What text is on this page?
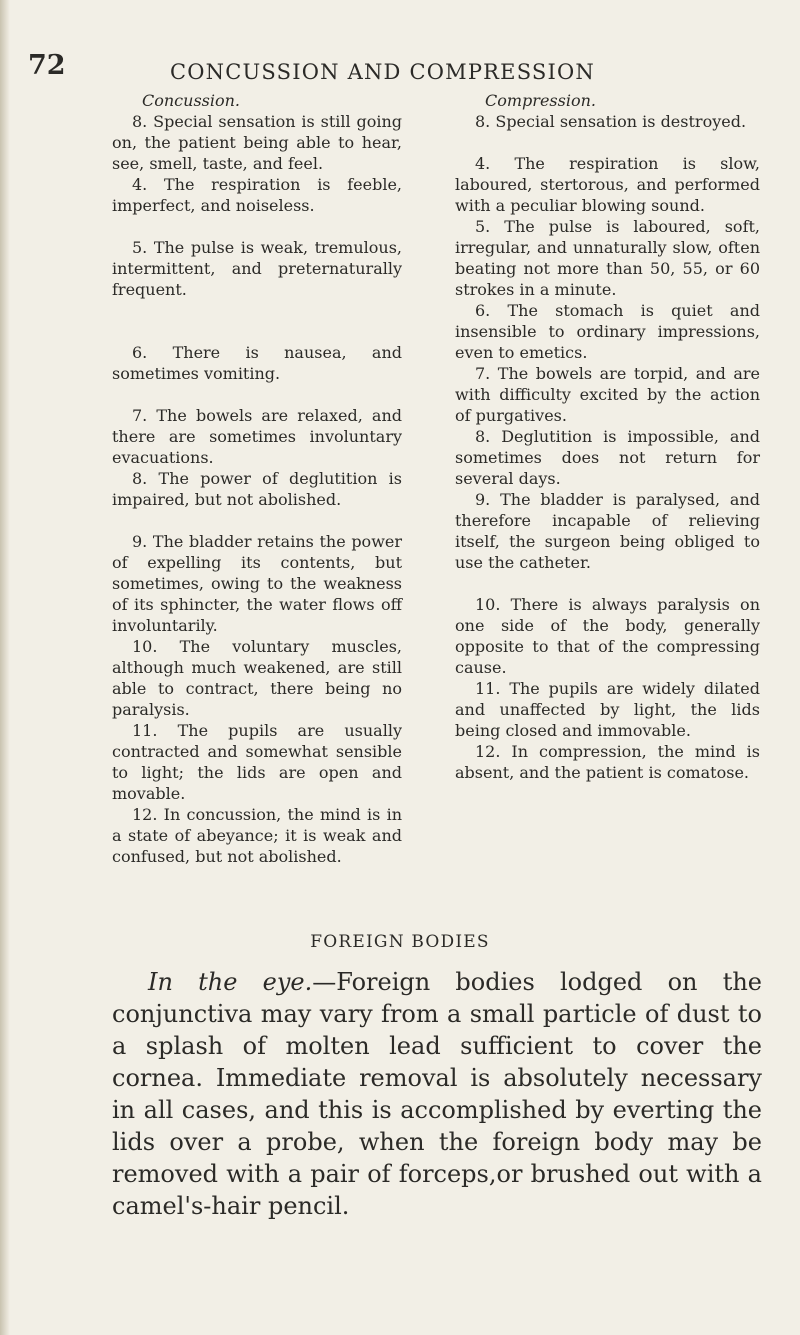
72	CONCUSSION AND COMPRESSION

Concussion.

8. Special sensation is still going on, the patient being able to hear, see, smell, taste, and feel.

4. The respiration is feeble, imperfect, and noiseless.

5. The pulse is weak, tremulous, intermittent, and preternaturally frequent.

6. There is nausea, and sometimes vomiting.

7. The bowels are relaxed, and there are sometimes involuntary evacuations.

8. The power of deglutition is impaired, but not abolished.

9. The bladder retains the power of expelling its contents, but sometimes, owing to the weakness of its sphincter, the water flows off involuntarily.

10. The voluntary muscles, although much weakened, are still able to contract, there being no paralysis.

11. The pupils are usually contracted and somewhat sensible to light; the lids are open and movable.

12. In concussion, the mind is in a state of abeyance; it is weak and confused, but not abolished.

Compression.

8. Special sensation is destroyed.

4. The respiration is slow, laboured, stertorous, and performed with a peculiar blowing sound.

5. The pulse is laboured, soft, irregular, and unnaturally slow, often beating not more than 50, 55, or 60 strokes in a minute.

6. The stomach is quiet and insensible to ordinary impressions, even to emetics.

7. The bowels are torpid, and are with difficulty excited by the action of purgatives.

8. Deglutition is impossible, and sometimes does not return for several days.

9. The bladder is paralysed, and therefore incapable of relieving itself, the surgeon being obliged to use the catheter.

10. There is always paralysis on one side of the body, generally opposite to that of the compressing cause.

11. The pupils are widely dilated and unaffected by light, the lids being closed and immovable.

12. In compression, the mind is absent, and the patient is comatose.

FOREIGN BODIES

In the eye.—Foreign bodies lodged on the conjunctiva may vary from a small particle of dust to a splash of molten lead sufficient to cover the cornea. Immediate removal is absolutely necessary in all cases, and this is accomplished by everting the lids over a probe, when the foreign body may be removed with a pair of forceps,or brushed out with a camel's-hair pencil.
